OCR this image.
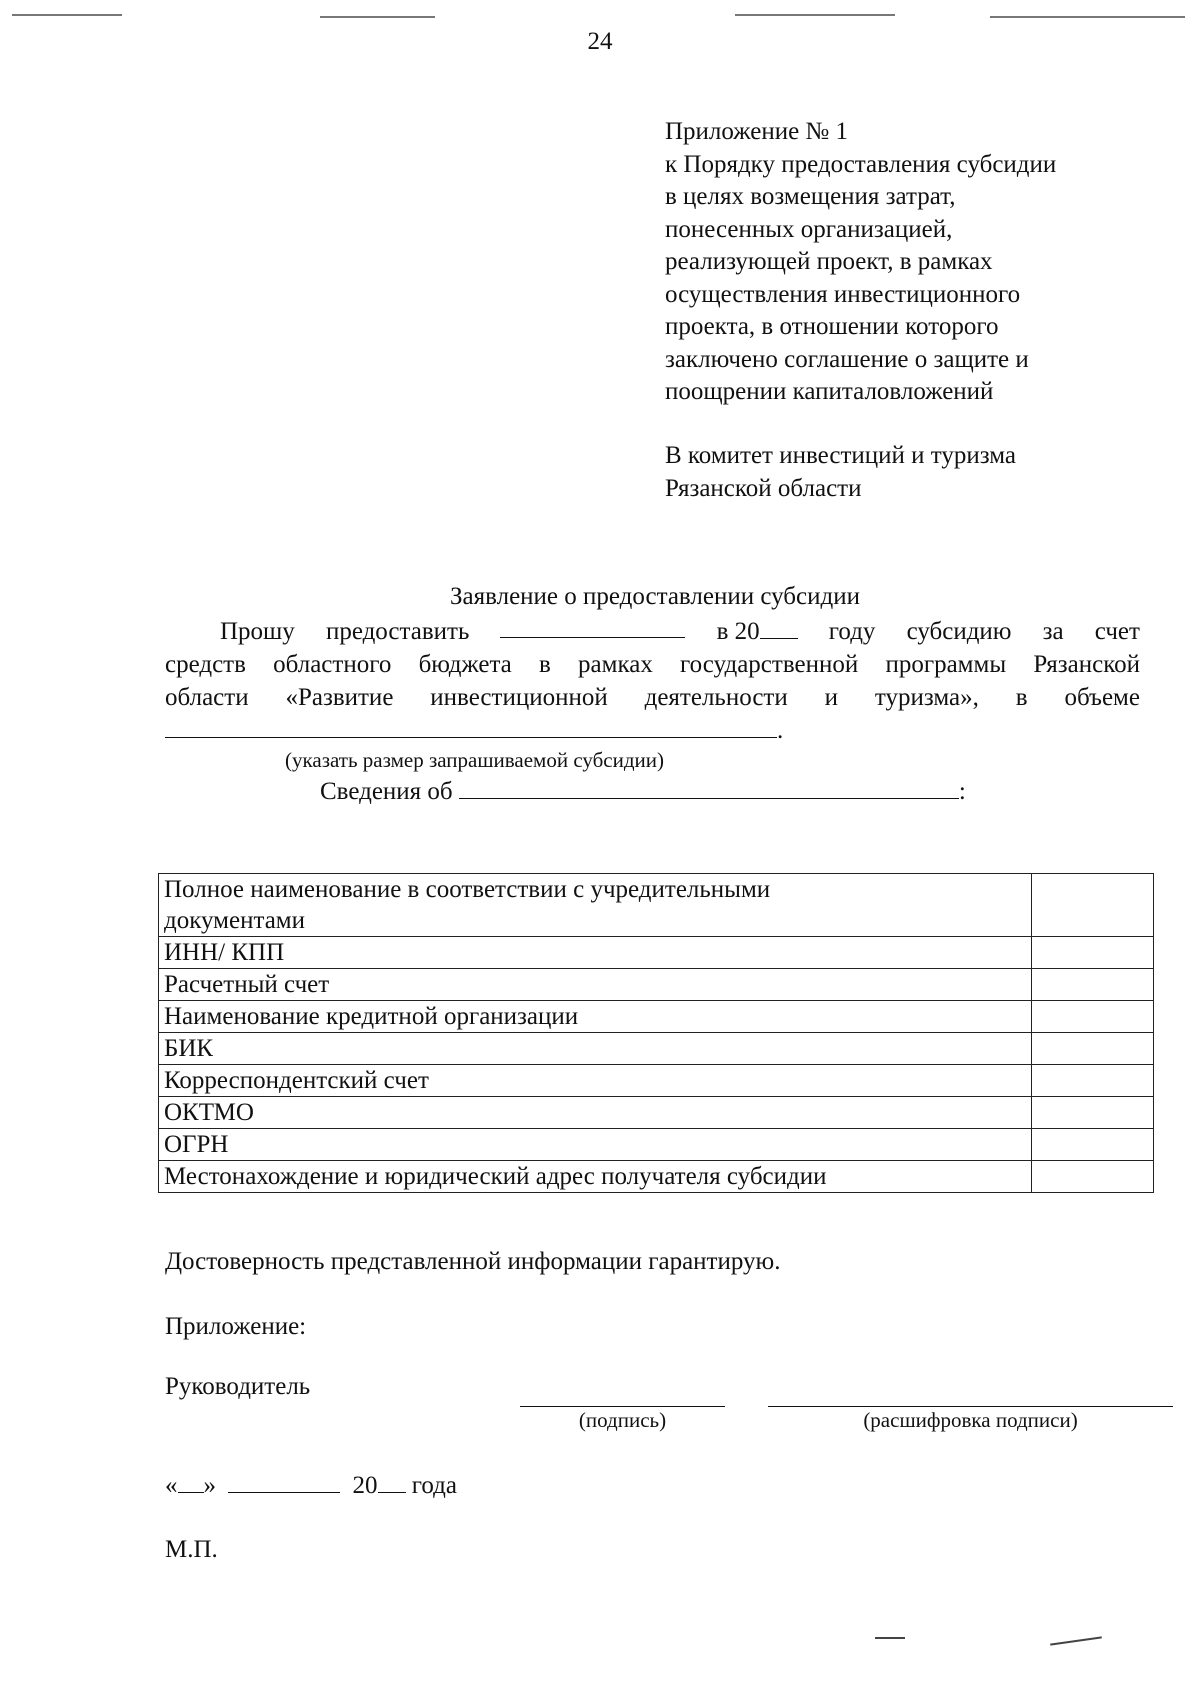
24
Приложение № 1
к Порядку предоставления субсидии
в целях возмещения затрат,
понесенных организацией,
реализующей проект, в рамках
осуществления инвестиционного
проекта, в отношении которого
заключено соглашение о защите и
поощрении капиталовложений
В комитет инвестиций и туризма
Рязанской области
Заявление о предоставлении субсидии
Прошу предоставить	в 20	году субсидию за счет
средств областного бюджета в рамках государственной программы Рязанской
области «Развитие инвестиционной деятельности и туризма», в объеме
.
(указать размер запрашиваемой субсидии)
Сведения об	:
Полное наименование в соответствии с учредительными документами	
ИНН/ КПП	
Расчетный счет	
Наименование кредитной организации	
БИК	
Корреспондентский счет	
ОКТМО	
ОГРН	
Местонахождение и юридический адрес получателя субсидии	
Достоверность представленной информации гарантирую.
Приложение:
Руководитель
(подпись)	(расшифровка подписи)
« »	20 года
М.П.
